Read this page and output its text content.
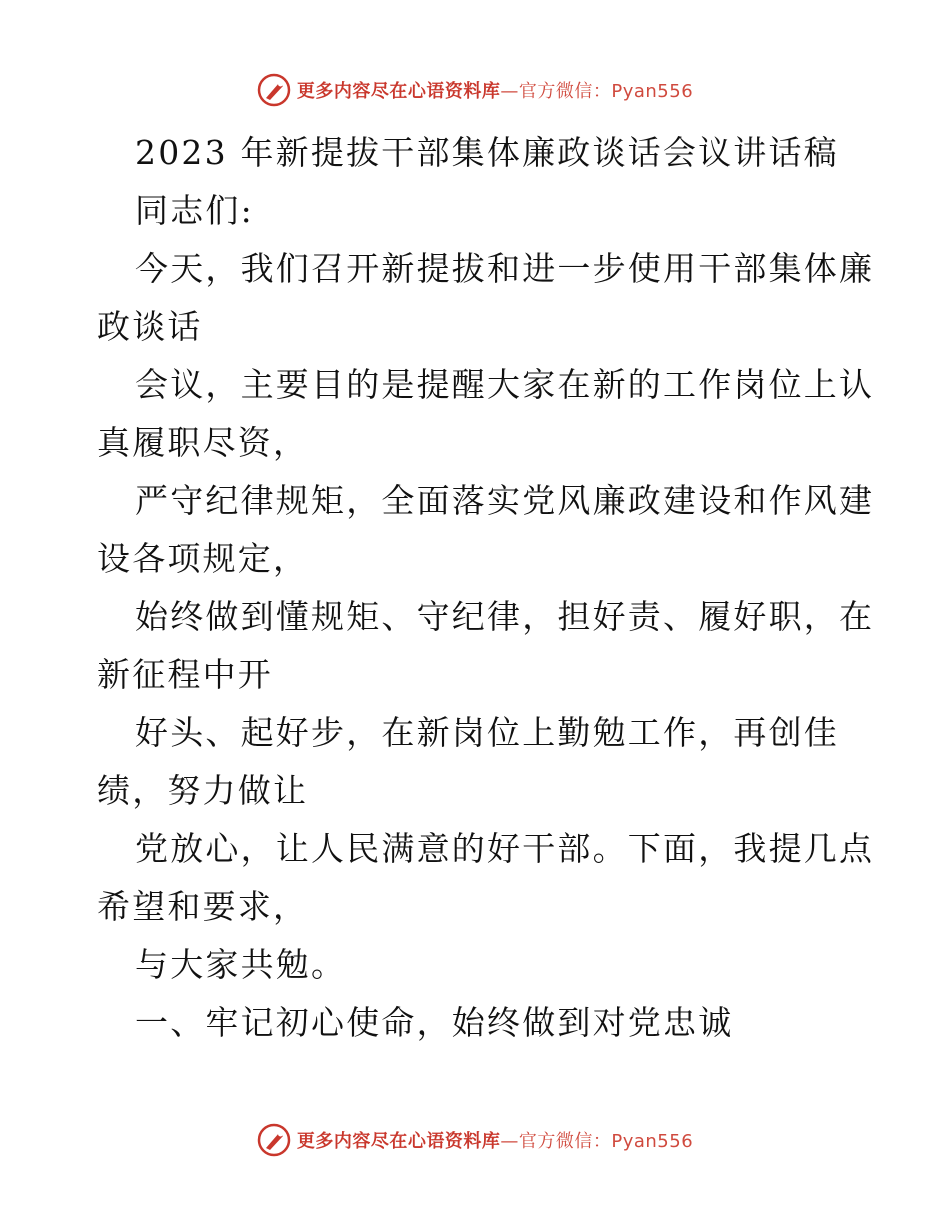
更多内容尽在心语资料库 —官方微信：Pyan556
2023 年新提拔干部集体廉政谈话会议讲话稿
同志们:
今天，我们召开新提拔和进一步使用干部集体廉
政谈话
会议，主要目的是提醒大家在新的工作岗位上认
真履职尽资，
严守纪律规矩，全面落实党风廉政建设和作风建
设各项规定，
始终做到懂规矩、守纪律，担好责、履好职，在
新征程中开
好头、起好步，在新岗位上勤勉工作，再创佳
绩，努力做让
党放心，让人民满意的好干部。下面，我提几点
希望和要求，
与大家共勉。
一、牢记初心使命，始终做到对党忠诚
更多内容尽在心语资料库 —官方微信：Pyan556
